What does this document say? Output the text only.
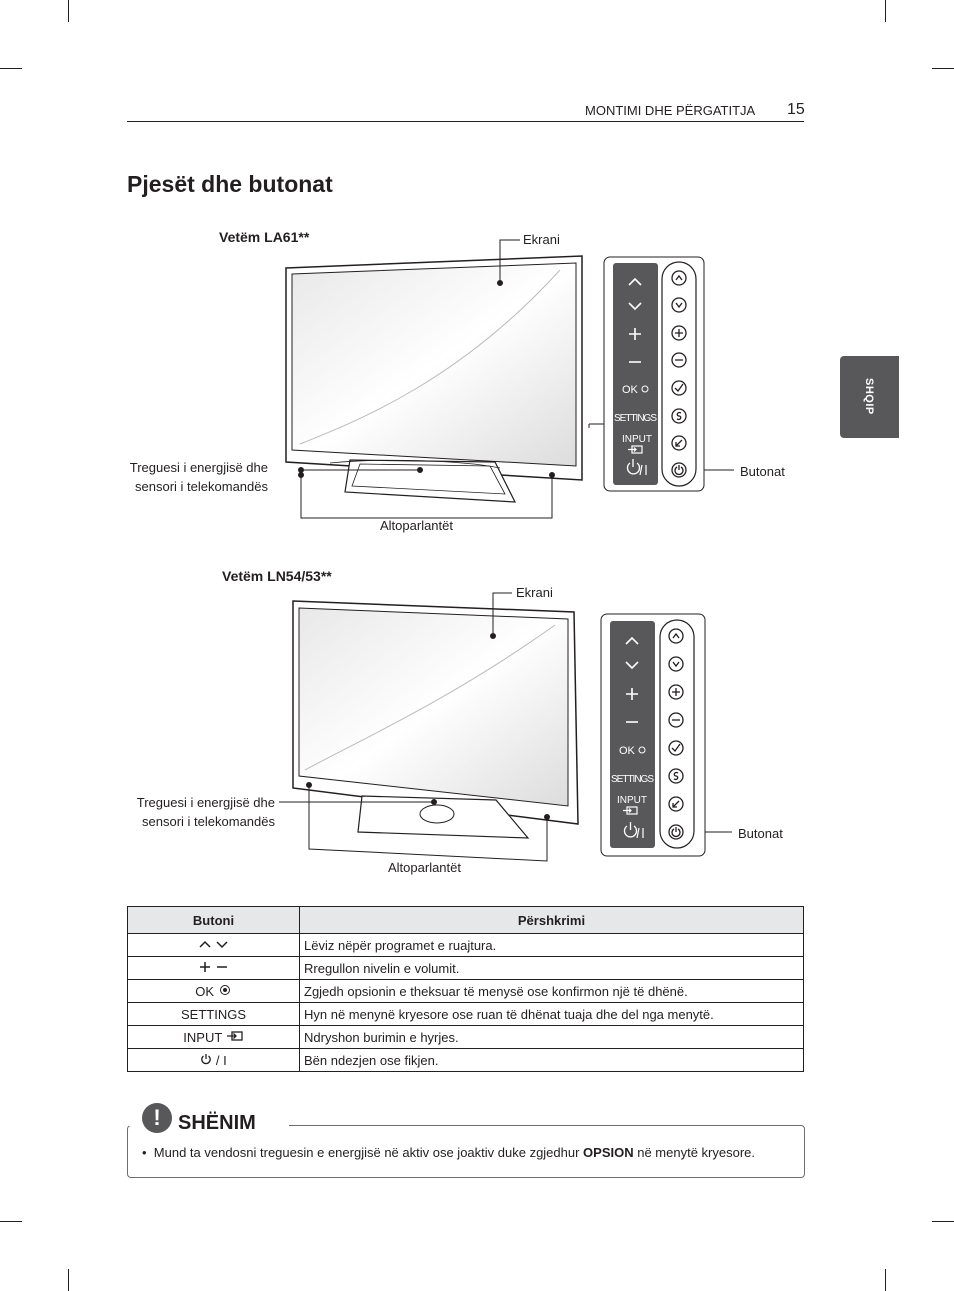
MONTIMI DHE PËRGATITJA 15
Pjesët dhe butonat
SHQIP
OK
SETTINGS
INPUT
OK
SETTINGS
INPUT
Vetëm LA61**	Ekrani
Treguesi i energjisë dhe
sensori i telekomandës
Altoparlantët
Butonat
Vetëm LN54/53**
Ekrani
Treguesi i energjisë dhe
sensori i telekomandës
Altoparlantët
Butonat
Butoni	Përshkrimi
	Lëviz nëpër programet e ruajtura.
	Rregullon nivelin e volumit.
OK	Zgjedh opsionin e theksuar të menysë ose konfirmon një të dhënë.
SETTINGS	Hyn në menynë kryesore ose ruan të dhënat tuaja dhe del nga menytë.
INPUT	Ndryshon burimin e hyrjes.
/ I	Bën ndezjen ose fikjen.
! SHËNIM
•  Mund ta vendosni treguesin e energjisë në aktiv ose joaktiv duke zgjedhur OPSION në menytë kryesore.
